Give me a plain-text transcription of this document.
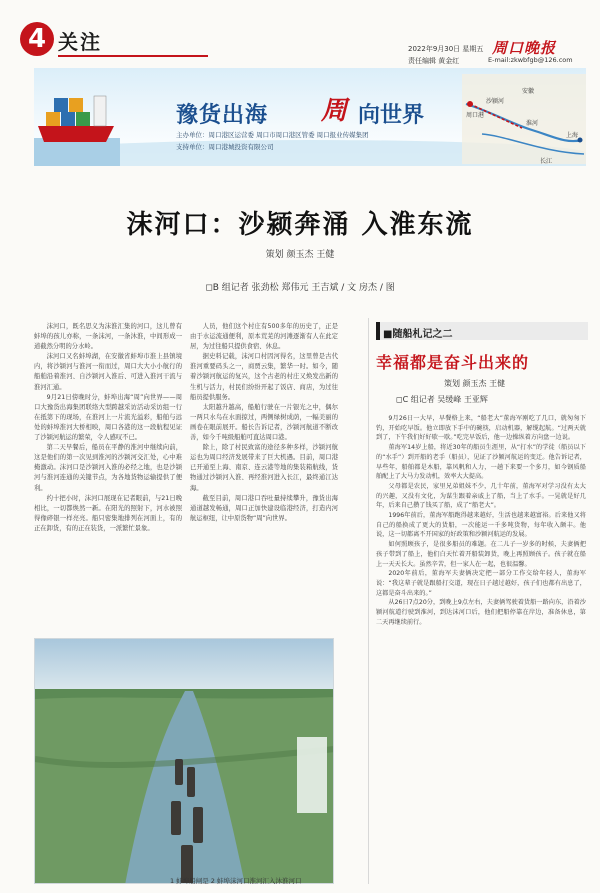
4 关注	2022年9月30日 星期五
责任编辑 黄金红
周口晚报
E-mail:zkwbfgb@126.com
豫货出海 周 向世界
主办单位：周口港区运营委 周口市周口港区管委 周口报业传媒集团
支持单位：周口港城投资有限公司
沙颍河
周口港
安徽
淮河
长江
上海
沫河口：沙颍奔涌 入淮东流
策划 颜玉杰 王健
◻B 组记者 张劲松 郑伟元 王吉斌 / 文 房杰 / 图

沫河口，既名思义为沫淮汇集的河口，这儿曾有蚌埠的孩儿亦称，一条沫河，一条沐淮，中间形成一道截然分明的分水岭。

沫河口又名蚌埠湖，在安徽省蚌埠市淮上县镇境内，将沙颍河与淮河一衔而过，周口大大小小航行的船舶沿着淮河、自沙颍河入淮后、可进入淮河干流与淮河汇通。

9月21日傍晚时分，蚌埠出海“周”向世界——周口大豫货出海集团联络大型跨越采访活动采访组一行在抵第下的现场，在淮河上一片流光溢彩，船舶与远处的蚌埠淮河大桥相映，周口各港的这一段航程见证了沙颍河航运的繁荣，令人感叹不已。

第二天早餐后，船员在平静的淮河中继续向前，这是他们的第一次见到淮河的沙颍河交汇处，心中难掩激动。沫河口是沙颍河入淮的必经之地，也是沙颍河与淮河连通的关键节点，为各地货物运输提供了便利。

约十把小时，沫河口展现在记者眼前，与21日晚相比，一切都焕然一新。在阳光的照射下，河水被照得像碎银一样亮亮。船只密集地排列在河面上，有的正在卸货，有的正在装货，一派繁忙景象。

人员，他们这个村庄有500多年的历史了，正是由于水运流通便利，原本荒芜的河滩逐渐有人在此定居，为过往船只提供食宿、休息。

据史料记载，沫河口村因河得名，这里曾是古代淮河重要码头之一，商贾云集，繁华一时。如今，随着沙颍河航运的复兴，这个古老的村庄又焕发出新的生机与活力，村民们纷纷开起了饭店、商店，为过往船员提供服务。

太阳越升越高，船舶行驶在一片银光之中，偶尔一两只水鸟在水面掠过，两侧绿树成荫，一幅美丽的画卷在眼前展开。船长告诉记者，沙颍河航道不断改善，如今千吨级船舶可直达周口港。

除上，除了村民致富的途径多种多样，沙颍河航运也为周口经济发展带来了巨大机遇。目前，周口港已开通至上海、南京、连云港等地的集装箱航线，货物通过沙颍河入淮、再经淮河进入长江，最终通江达海。

截至目前，周口港口吞吐量持续攀升，豫货出海通道越发畅通，周口正加快建设临港经济，打造内河航运枢纽，让中原货物“周”向世界。

1 蚌埠船闸是 2 蚌埠沫河口淮河汇入沐淮河口
■随船札记之二
幸福都是奋斗出来的
策划 颜玉杰 王健
◻C 组记者 吴缓峰 王亚辉

9月26日一大早，早餐格上来，“船老大”董海军刚吃了几口，就匆匆下钓，开始吃早饭。他立即放下手中的碗筷，启动机器，解缆起航。“过两天就到了，下午我们好好歇一歇。”吃完早饭后，他一边操纵着方向盘一边说。

董海军14岁上船，将近30年的船员生涯里，从“打水”的学徒（船员以下的“水手”）到开船的老手（船员），见证了沙颍河航运的变迁。他告诉记者，早些年，船舶都是木船，靠风帆和人力，一趟下来要一个多月，如今钢质船舶配上了大马力发动机，效率大大提高。

父母都是农民，家里兄弟姐妹不少，几十年前，董海军对学习没有太大的兴趣，又没有文化，为谋生跟着亲戚上了船，当上了水手。一晃就是好几年，后来自己攒了钱买了船，成了“船老大”。

1996年前后，董海军船跑得越来越好，生活也越来越富裕。后来他又将自己的船换成了更大的货船，一次能运一千多吨货物，每年收入颇丰。他说，这一切都离不开国家的好政策和沙颍河航运的发展。

如何照顾孩子，是很多船员的难题。在二儿子一岁多的时候，夫妻俩把孩子带到了船上，他们白天忙着开船装卸货，晚上再照顾孩子。孩子就在船上一天天长大。虽然辛苦，但一家人在一起，也很温馨。

2020年前后，董海军夫妻俩决定把一部分工作交给年轻人，董海军说：“我这辈子就是跟船打交道，现在日子越过越好，孩子们也都有出息了，这都是奋斗出来的。”

从26日7点20分，到晚上9点左右，夫妻俩驾驶着货船一路向东，沿着沙颍河航道行驶到淮河，到达沫河口后，他们把船停靠在岸边，准备休息，第二天再继续前行。
